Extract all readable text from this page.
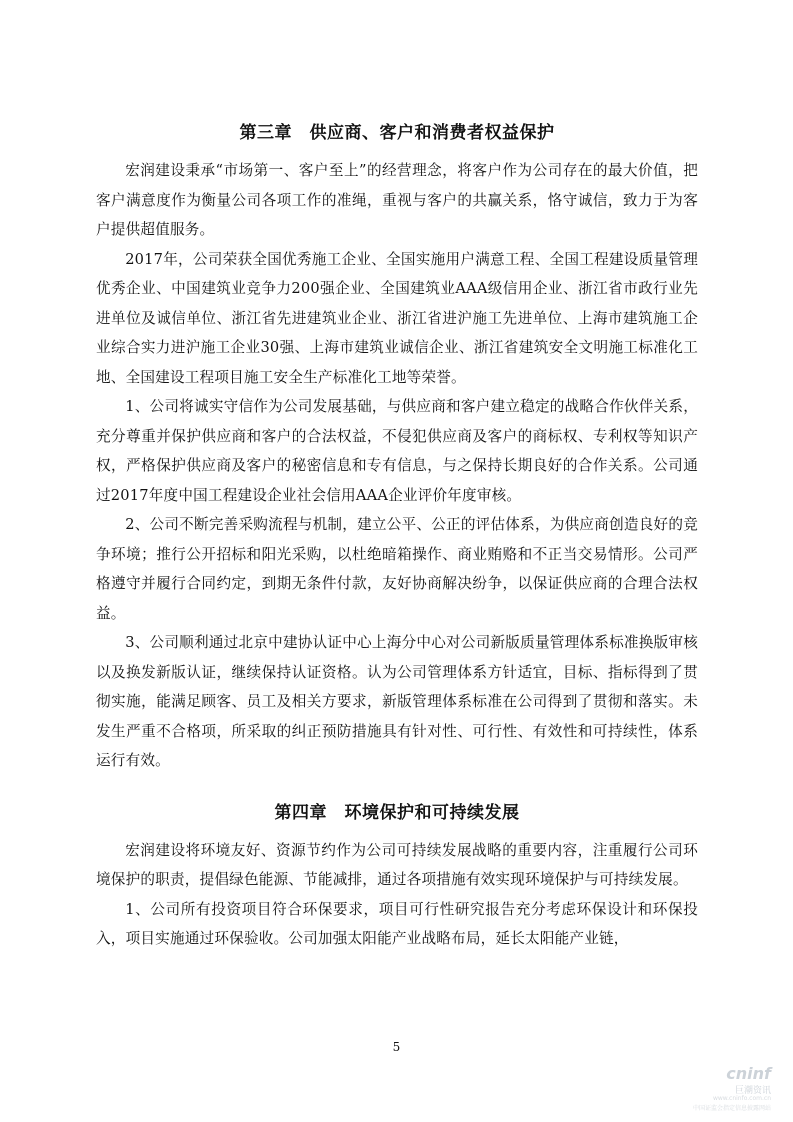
第三章　供应商、客户和消费者权益保护

宏润建设秉承“市场第一、客户至上”的经营理念，将客户作为公司存在的最大价值，把客户满意度作为衡量公司各项工作的准绳，重视与客户的共赢关系，恪守诚信，致力于为客户提供超值服务。

2017年，公司荣获全国优秀施工企业、全国实施用户满意工程、全国工程建设质量管理优秀企业、中国建筑业竞争力200强企业、全国建筑业AAA级信用企业、浙江省市政行业先进单位及诚信单位、浙江省先进建筑业企业、浙江省进沪施工先进单位、上海市建筑施工企业综合实力进沪施工企业30强、上海市建筑业诚信企业、浙江省建筑安全文明施工标准化工地、全国建设工程项目施工安全生产标准化工地等荣誉。

1、公司将诚实守信作为公司发展基础，与供应商和客户建立稳定的战略合作伙伴关系，充分尊重并保护供应商和客户的合法权益，不侵犯供应商及客户的商标权、专利权等知识产权，严格保护供应商及客户的秘密信息和专有信息，与之保持长期良好的合作关系。公司通过2017年度中国工程建设企业社会信用AAA企业评价年度审核。

2、公司不断完善采购流程与机制，建立公平、公正的评估体系，为供应商创造良好的竞争环境；推行公开招标和阳光采购，以杜绝暗箱操作、商业贿赂和不正当交易情形。公司严格遵守并履行合同约定，到期无条件付款，友好协商解决纷争，以保证供应商的合理合法权益。

3、公司顺利通过北京中建协认证中心上海分中心对公司新版质量管理体系标准换版审核以及换发新版认证，继续保持认证资格。认为公司管理体系方针适宜，目标、指标得到了贯彻实施，能满足顾客、员工及相关方要求，新版管理体系标准在公司得到了贯彻和落实。未发生严重不合格项，所采取的纠正预防措施具有针对性、可行性、有效性和可持续性，体系运行有效。

第四章　环境保护和可持续发展

宏润建设将环境友好、资源节约作为公司可持续发展战略的重要内容，注重履行公司环境保护的职责，提倡绿色能源、节能减排，通过各项措施有效实现环境保护与可持续发展。

1、公司所有投资项目符合环保要求，项目可行性研究报告充分考虑环保设计和环保投入，项目实施通过环保验收。公司加强太阳能产业战略布局，延长太阳能产业链，

5
cninf
巨潮资讯
www.cninfo.com.cn
中国证监会指定信息披露网站
